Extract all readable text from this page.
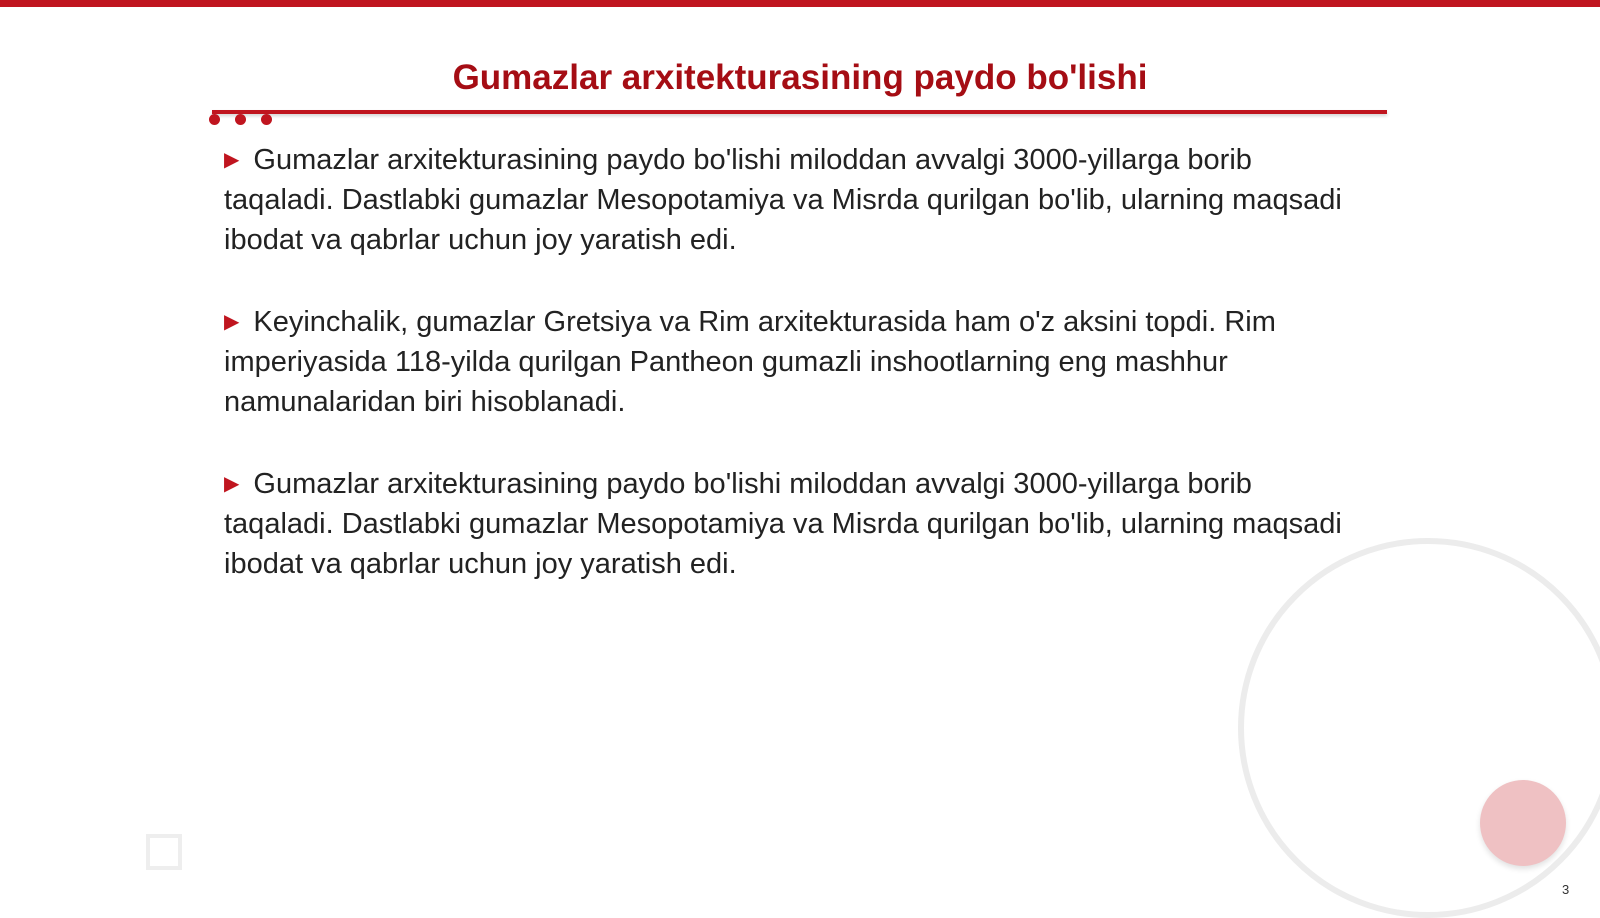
Gumazlar arxitekturasining paydo bo'lishi

▶ Gumazlar arxitekturasining paydo bo'lishi miloddan avvalgi 3000-yillarga borib taqaladi. Dastlabki gumazlar Mesopotamiya va Misrda qurilgan bo'lib, ularning maqsadi ibodat va qabrlar uchun joy yaratish edi.

▶ Keyinchalik, gumazlar Gretsiya va Rim arxitekturasida ham o'z aksini topdi. Rim imperiyasida 118-yilda qurilgan Pantheon gumazli inshootlarning eng mashhur namunalaridan biri hisoblanadi.

▶ Gumazlar arxitekturasining paydo bo'lishi miloddan avvalgi 3000-yillarga borib taqaladi. Dastlabki gumazlar Mesopotamiya va Misrda qurilgan bo'lib, ularning maqsadi ibodat va qabrlar uchun joy yaratish edi.

3
